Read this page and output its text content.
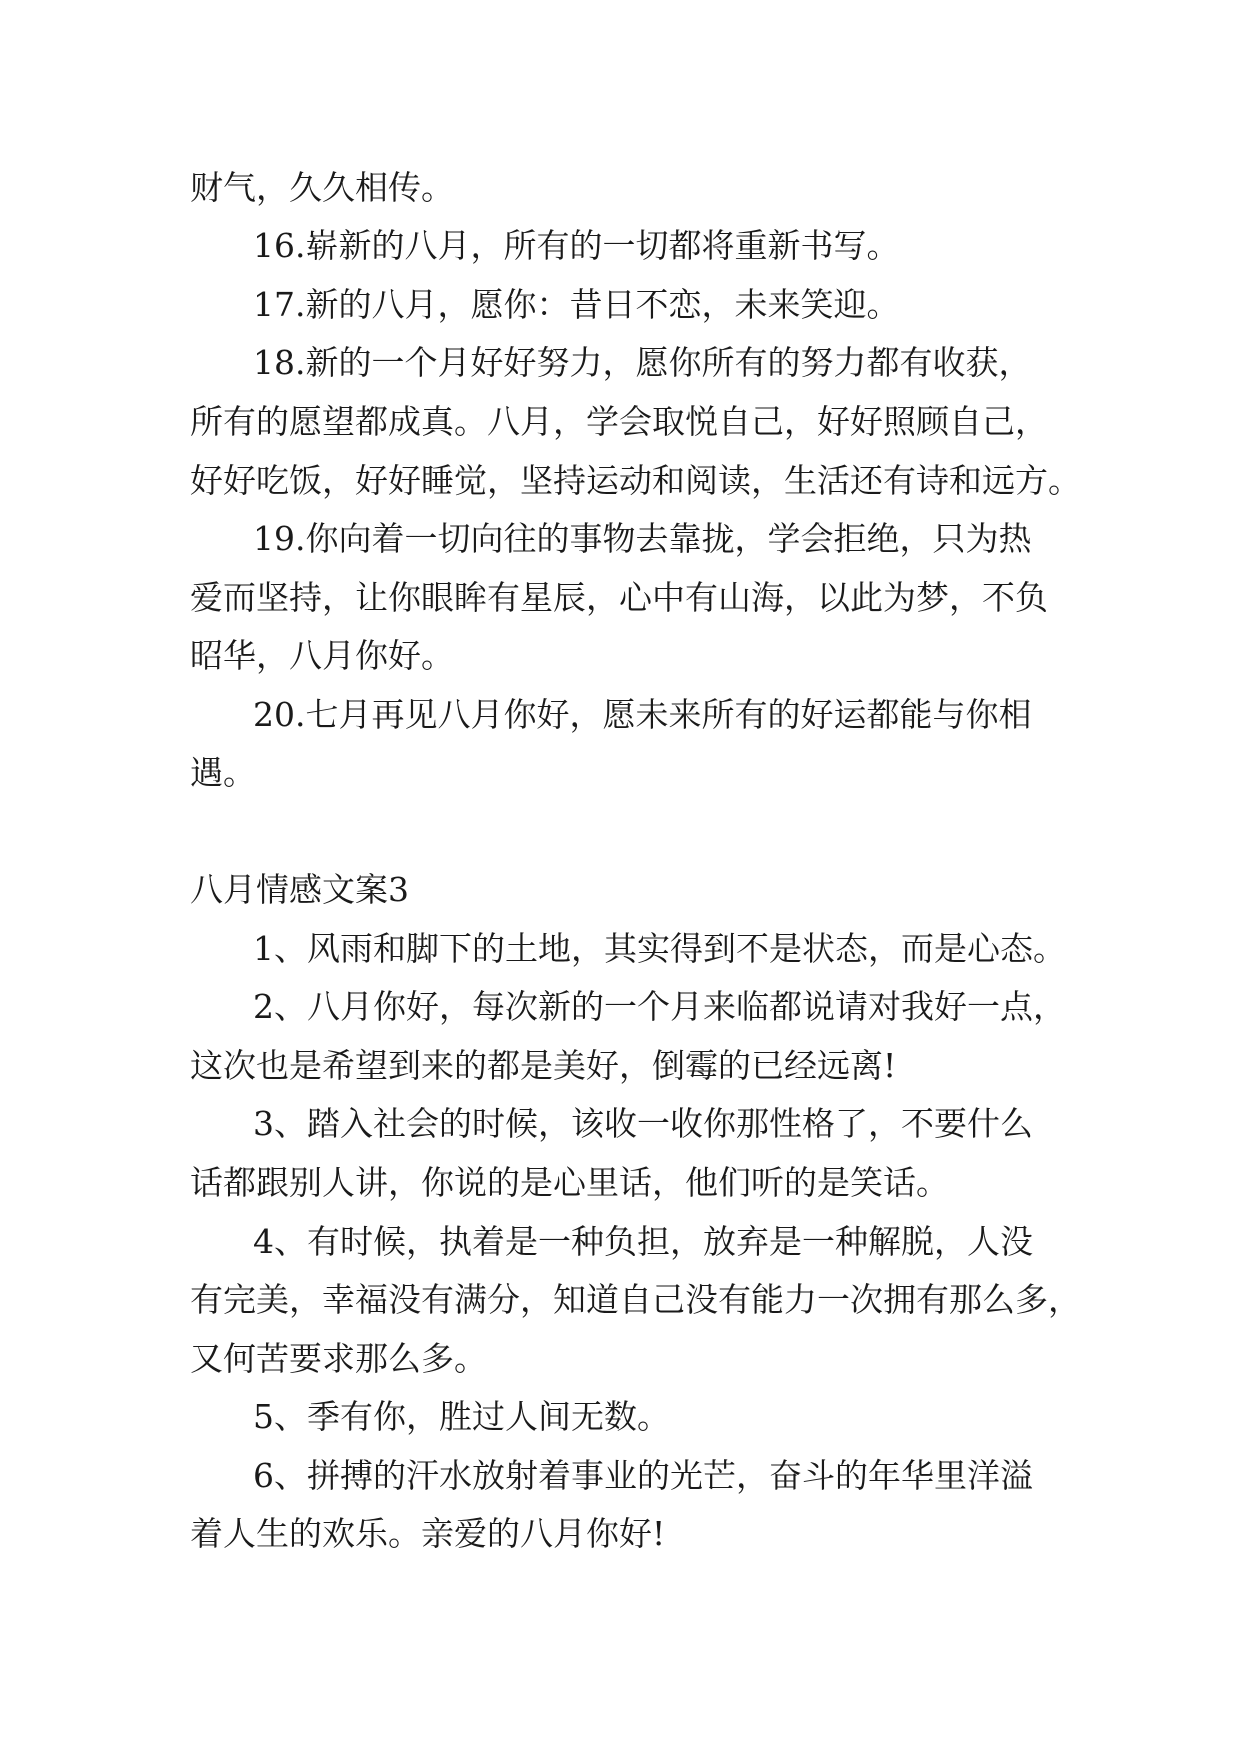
财气，久久相传。
16.崭新的八月，所有的一切都将重新书写。
17.新的八月，愿你：昔日不恋，未来笑迎。
18.新的一个月好好努力，愿你所有的努力都有收获，
所有的愿望都成真。八月，学会取悦自己，好好照顾自己，
好好吃饭，好好睡觉，坚持运动和阅读，生活还有诗和远方。
19.你向着一切向往的事物去靠拢，学会拒绝，只为热
爱而坚持，让你眼眸有星辰，心中有山海，以此为梦，不负
昭华，八月你好。
20.七月再见八月你好，愿未来所有的好运都能与你相
遇。
八月情感文案3
1、风雨和脚下的土地，其实得到不是状态，而是心态。
2、八月你好，每次新的一个月来临都说请对我好一点，
这次也是希望到来的都是美好，倒霉的已经远离!
3、踏入社会的时候，该收一收你那性格了，不要什么
话都跟别人讲，你说的是心里话，他们听的是笑话。
4、有时候，执着是一种负担，放弃是一种解脱，人没
有完美，幸福没有满分，知道自己没有能力一次拥有那么多，
又何苦要求那么多。
5、季有你，胜过人间无数。
6、拼搏的汗水放射着事业的光芒，奋斗的年华里洋溢
着人生的欢乐。亲爱的八月你好!
